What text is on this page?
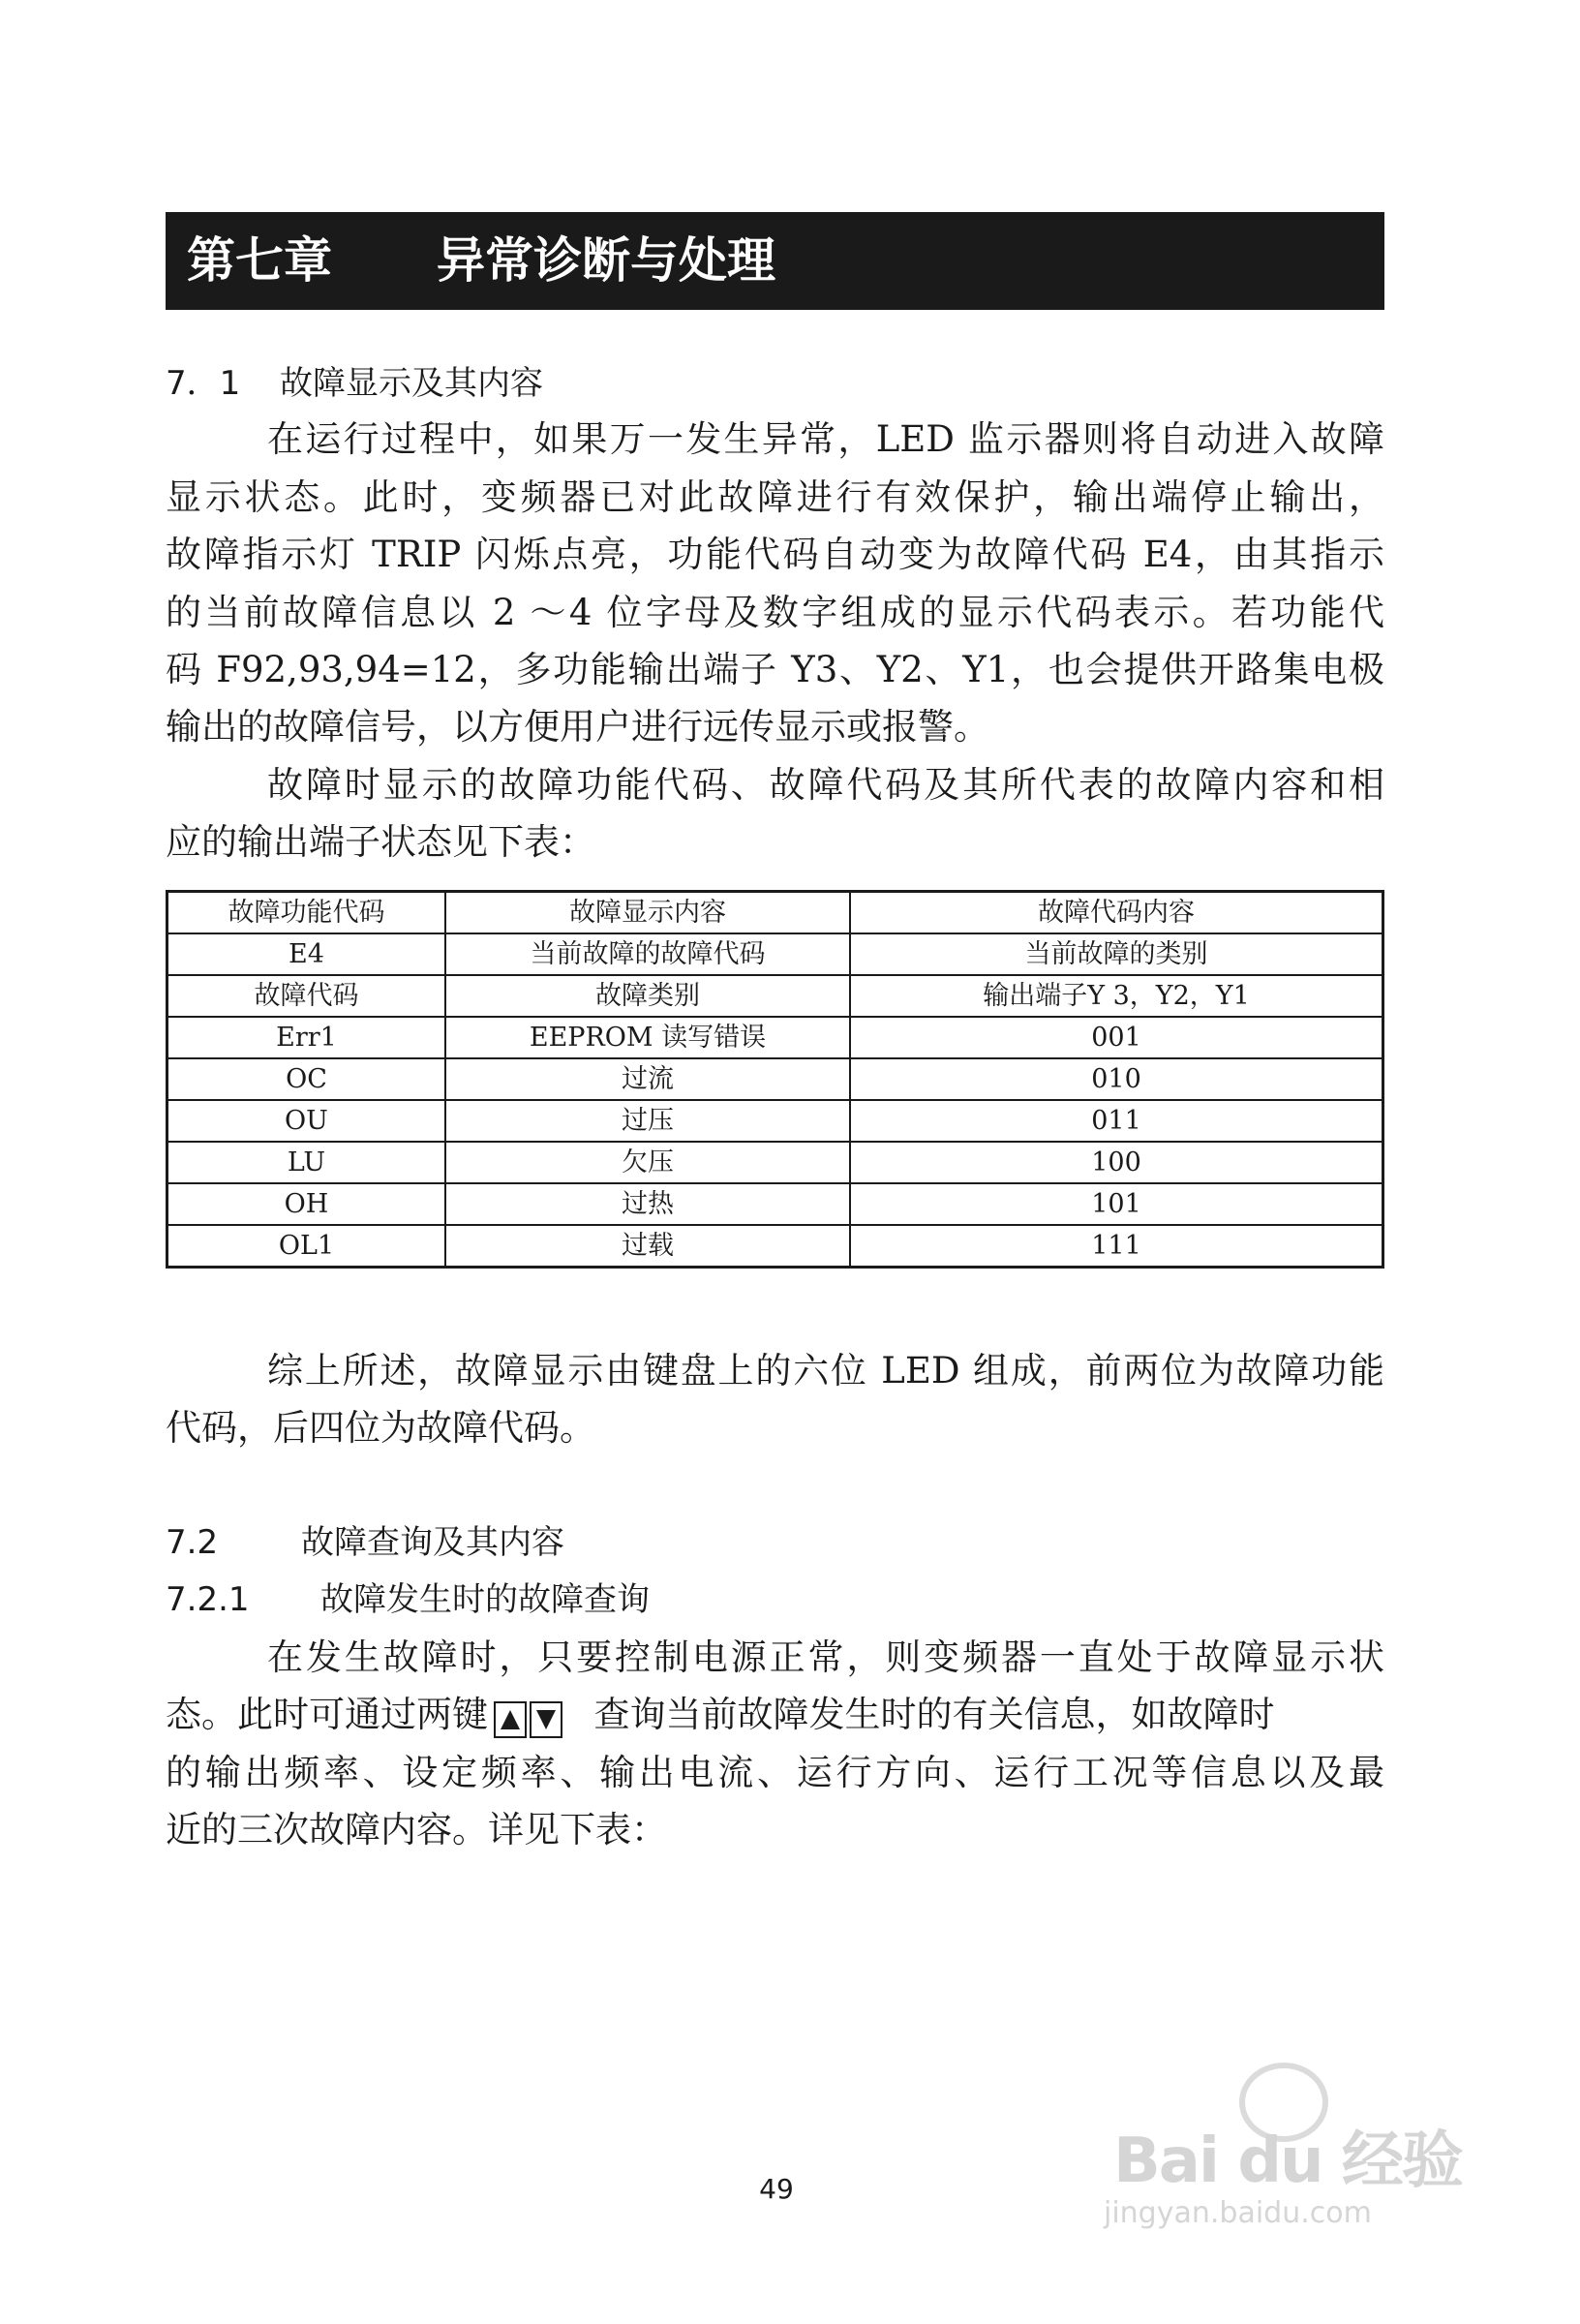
第七章 异常诊断与处理
7．1 故障显示及其内容
在运行过程中，如果万一发生异常，LED 监示器则将自动进入故障
显示状态。此时，变频器已对此故障进行有效保护，输出端停止输出，
故障指示灯 TRIP 闪烁点亮，功能代码自动变为故障代码 E4，由其指示
的当前故障信息以 2 ～4 位字母及数字组成的显示代码表示。若功能代
码 F92,93,94=12，多功能输出端子 Y3、Y2、Y1，也会提供开路集电极
输出的故障信号，以方便用户进行远传显示或报警。
故障时显示的故障功能代码、故障代码及其所代表的故障内容和相
应的输出端子状态见下表：
故障功能代码	故障显示内容	故障代码内容
E4	当前故障的故障代码	当前故障的类别
故障代码	故障类别	输出端子Y 3，Y2，Y1
Err1	EEPROM 读写错误	001
OC	过流	010
OU	过压	011
LU	欠压	100
OH	过热	101
OL1	过载	111
综上所述，故障显示由键盘上的六位 LED 组成，前两位为故障功能
代码，后四位为故障代码。
7.2	故障查询及其内容
7.2.1 故障发生时的故障查询
在发生故障时，只要控制电源正常，则变频器一直处于故障显示状
态。此时可通过两键	查询当前故障发生时的有关信息，如故障时
的输出频率、设定频率、输出电流、运行方向、运行工况等信息以及最
近的三次故障内容。详见下表：
49	Bai du 经验
jingyan.baidu.com
